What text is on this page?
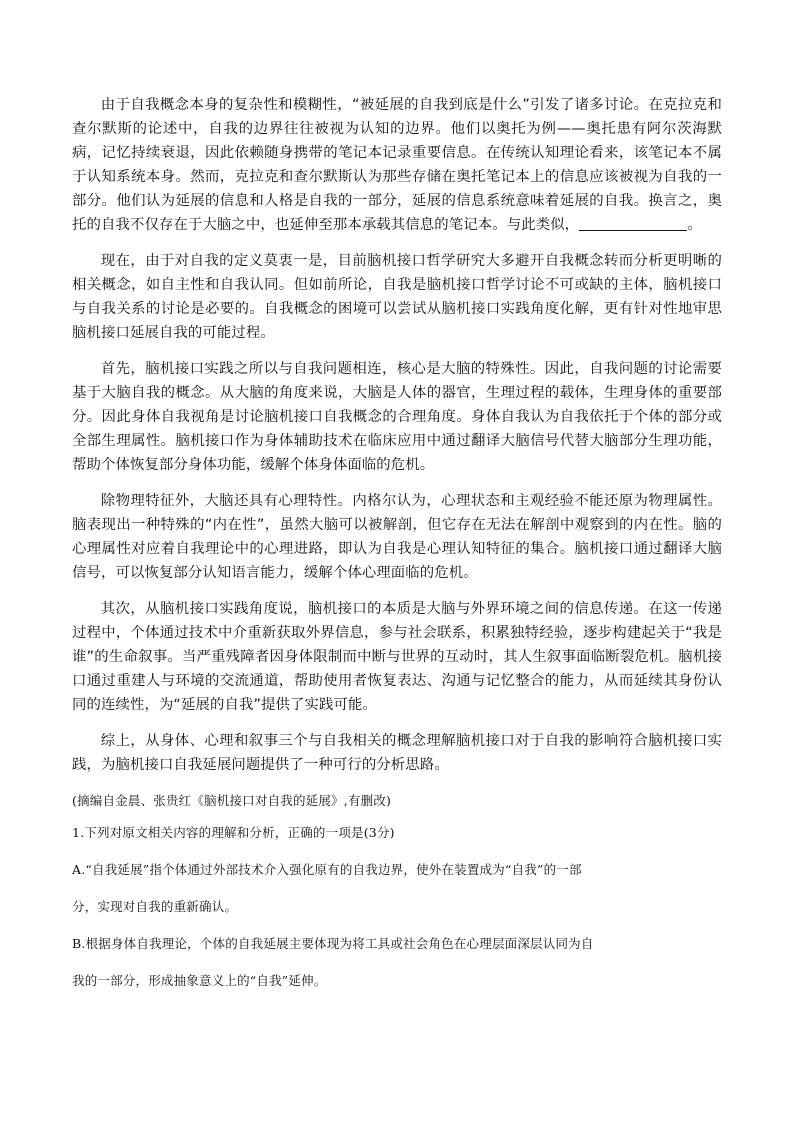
由于自我概念本身的复杂性和模糊性，“被延展的自我到底是什么”引发了诸多讨论。在克拉克和查尔默斯的论述中，自我的边界往往被视为认知的边界。他们以奥托为例——奥托患有阿尔茨海默病，记忆持续衰退，因此依赖随身携带的笔记本记录重要信息。在传统认知理论看来，该笔记本不属于认知系统本身。然而，克拉克和查尔默斯认为那些存储在奥托笔记本上的信息应该被视为自我的一部分。他们认为延展的信息和人格是自我的一部分，延展的信息系统意味着延展的自我。换言之，奥托的自我不仅存在于大脑之中，也延伸至那本承载其信息的笔记本。与此类似，	。

现在，由于对自我的定义莫衷一是，目前脑机接口哲学研究大多避开自我概念转而分析更明晰的相关概念，如自主性和自我认同。但如前所论，自我是脑机接口哲学讨论不可或缺的主体，脑机接口与自我关系的讨论是必要的。自我概念的困境可以尝试从脑机接口实践角度化解，更有针对性地审思脑机接口延展自我的可能过程。

首先，脑机接口实践之所以与自我问题相连，核心是大脑的特殊性。因此，自我问题的讨论需要基于大脑自我的概念。从大脑的角度来说，大脑是人体的器官，生理过程的载体，生理身体的重要部分。因此身体自我视角是讨论脑机接口自我概念的合理角度。身体自我认为自我依托于个体的部分或全部生理属性。脑机接口作为身体辅助技术在临床应用中通过翻译大脑信号代替大脑部分生理功能，帮助个体恢复部分身体功能，缓解个体身体面临的危机。

除物理特征外，大脑还具有心理特性。内格尔认为，心理状态和主观经验不能还原为物理属性。脑表现出一种特殊的“内在性”，虽然大脑可以被解剖，但它存在无法在解剖中观察到的内在性。脑的心理属性对应着自我理论中的心理进路，即认为自我是心理认知特征的集合。脑机接口通过翻译大脑信号，可以恢复部分认知语言能力，缓解个体心理面临的危机。

其次，从脑机接口实践角度说，脑机接口的本质是大脑与外界环境之间的信息传递。在这一传递过程中，个体通过技术中介重新获取外界信息，参与社会联系，积累独特经验，逐步构建起关于“我是谁”的生命叙事。当严重残障者因身体限制而中断与世界的互动时，其人生叙事面临断裂危机。脑机接口通过重建人与环境的交流通道，帮助使用者恢复表达、沟通与记忆整合的能力，从而延续其身份认同的连续性，为“延展的自我”提供了实践可能。

综上，从身体、心理和叙事三个与自我相关的概念理解脑机接口对于自我的影响符合脑机接口实践，为脑机接口自我延展问题提供了一种可行的分析思路。

(摘编自金晨、张贵红《脑机接口对自我的延展》,有删改)

1.下列对原文相关内容的理解和分析，正确的一项是(3分)

A.“自我延展”指个体通过外部技术介入强化原有的自我边界，使外在装置成为“自我”的一部

分，实现对自我的重新确认。

B.根据身体自我理论，个体的自我延展主要体现为将工具或社会角色在心理层面深层认同为自

我的一部分，形成抽象意义上的“自我”延伸。
